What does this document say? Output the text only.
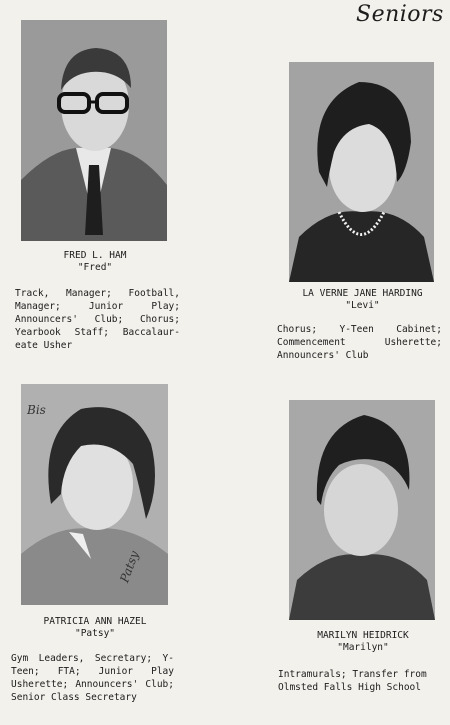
Seniors
FRED L. HAM
"Fred"
Track, Manager; Football, Manager; Junior Play; Announcers' Club; Chorus; Yearbook Staff; Baccalaur-eate Usher
LA VERNE JANE HARDING
"Levi"
Chorus; Y-Teen Cabinet; Commencement Usherette; Announcers' Club
Bis
Patsy
PATRICIA ANN HAZEL
"Patsy"
Gym Leaders, Secretary; Y-Teen; FTA; Junior Play Usherette; Announcers' Club; Senior Class Secretary
MARILYN HEIDRICK
"Marilyn"
Intramurals; Transfer from Olmsted Falls High School
